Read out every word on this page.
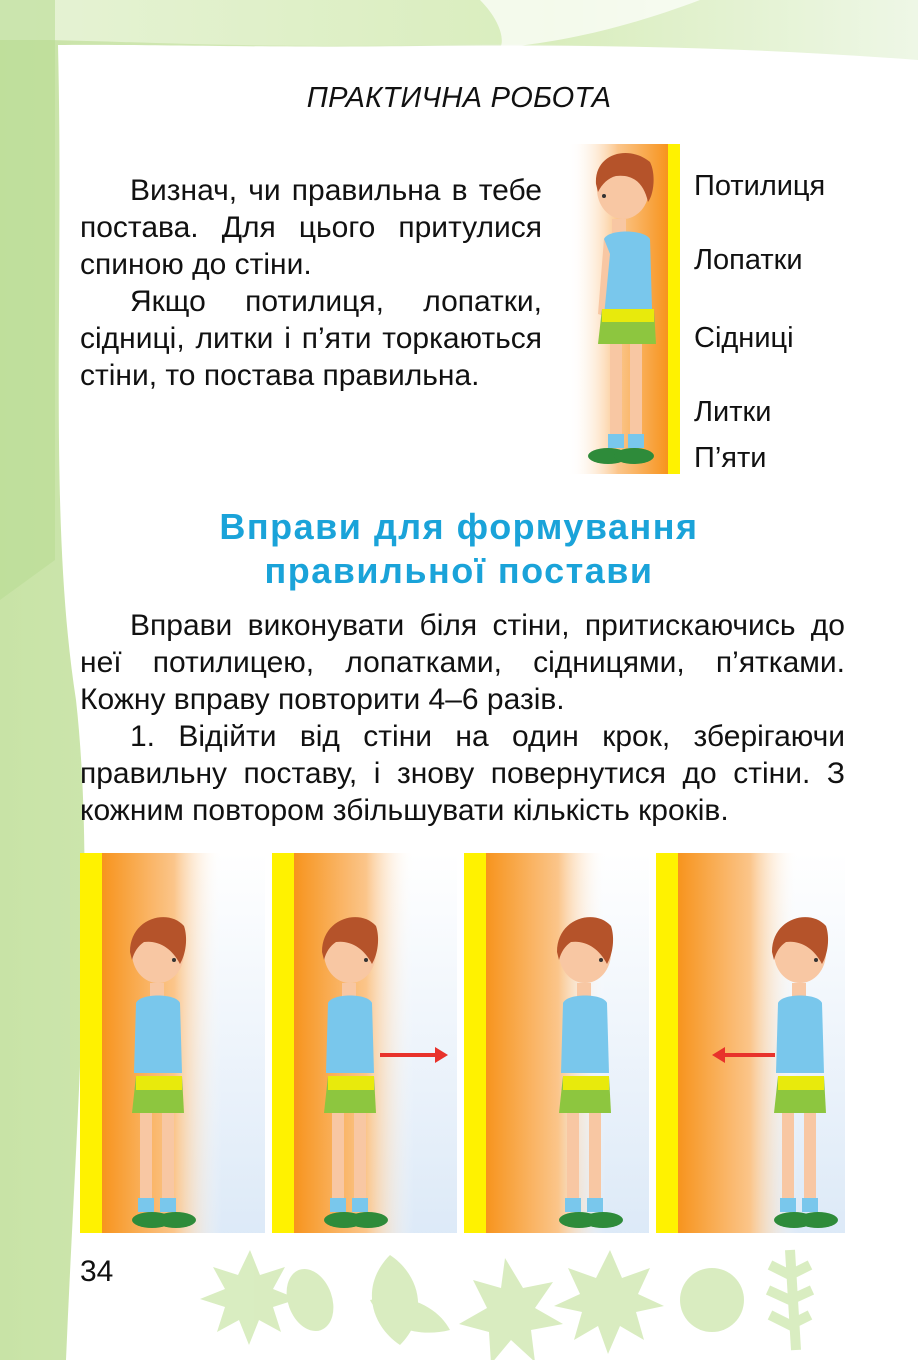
ПРАКТИЧНА РОБОТА

Визнач, чи правильна в тебе постава. Для цього притулися спиною до стіни.

Якщо потилиця, лопатки, сідниці, литки і п’яти торкаються стіни, то постава правильна.

Потилиця
Лопатки
Сідниці
Литки
П’яти
Вправи для формування
правильної постави

Вправи виконувати біля стіни, притискаючись до неї потилицею, лопатками, сідницями, п’ятками. Кожну вправу повторити 4–6 разів.

1. Відійти від стіни на один крок, зберігаючи правильну поставу, і знову повернутися до стіни. З кожним повтором збільшувати кількість кроків.

34
